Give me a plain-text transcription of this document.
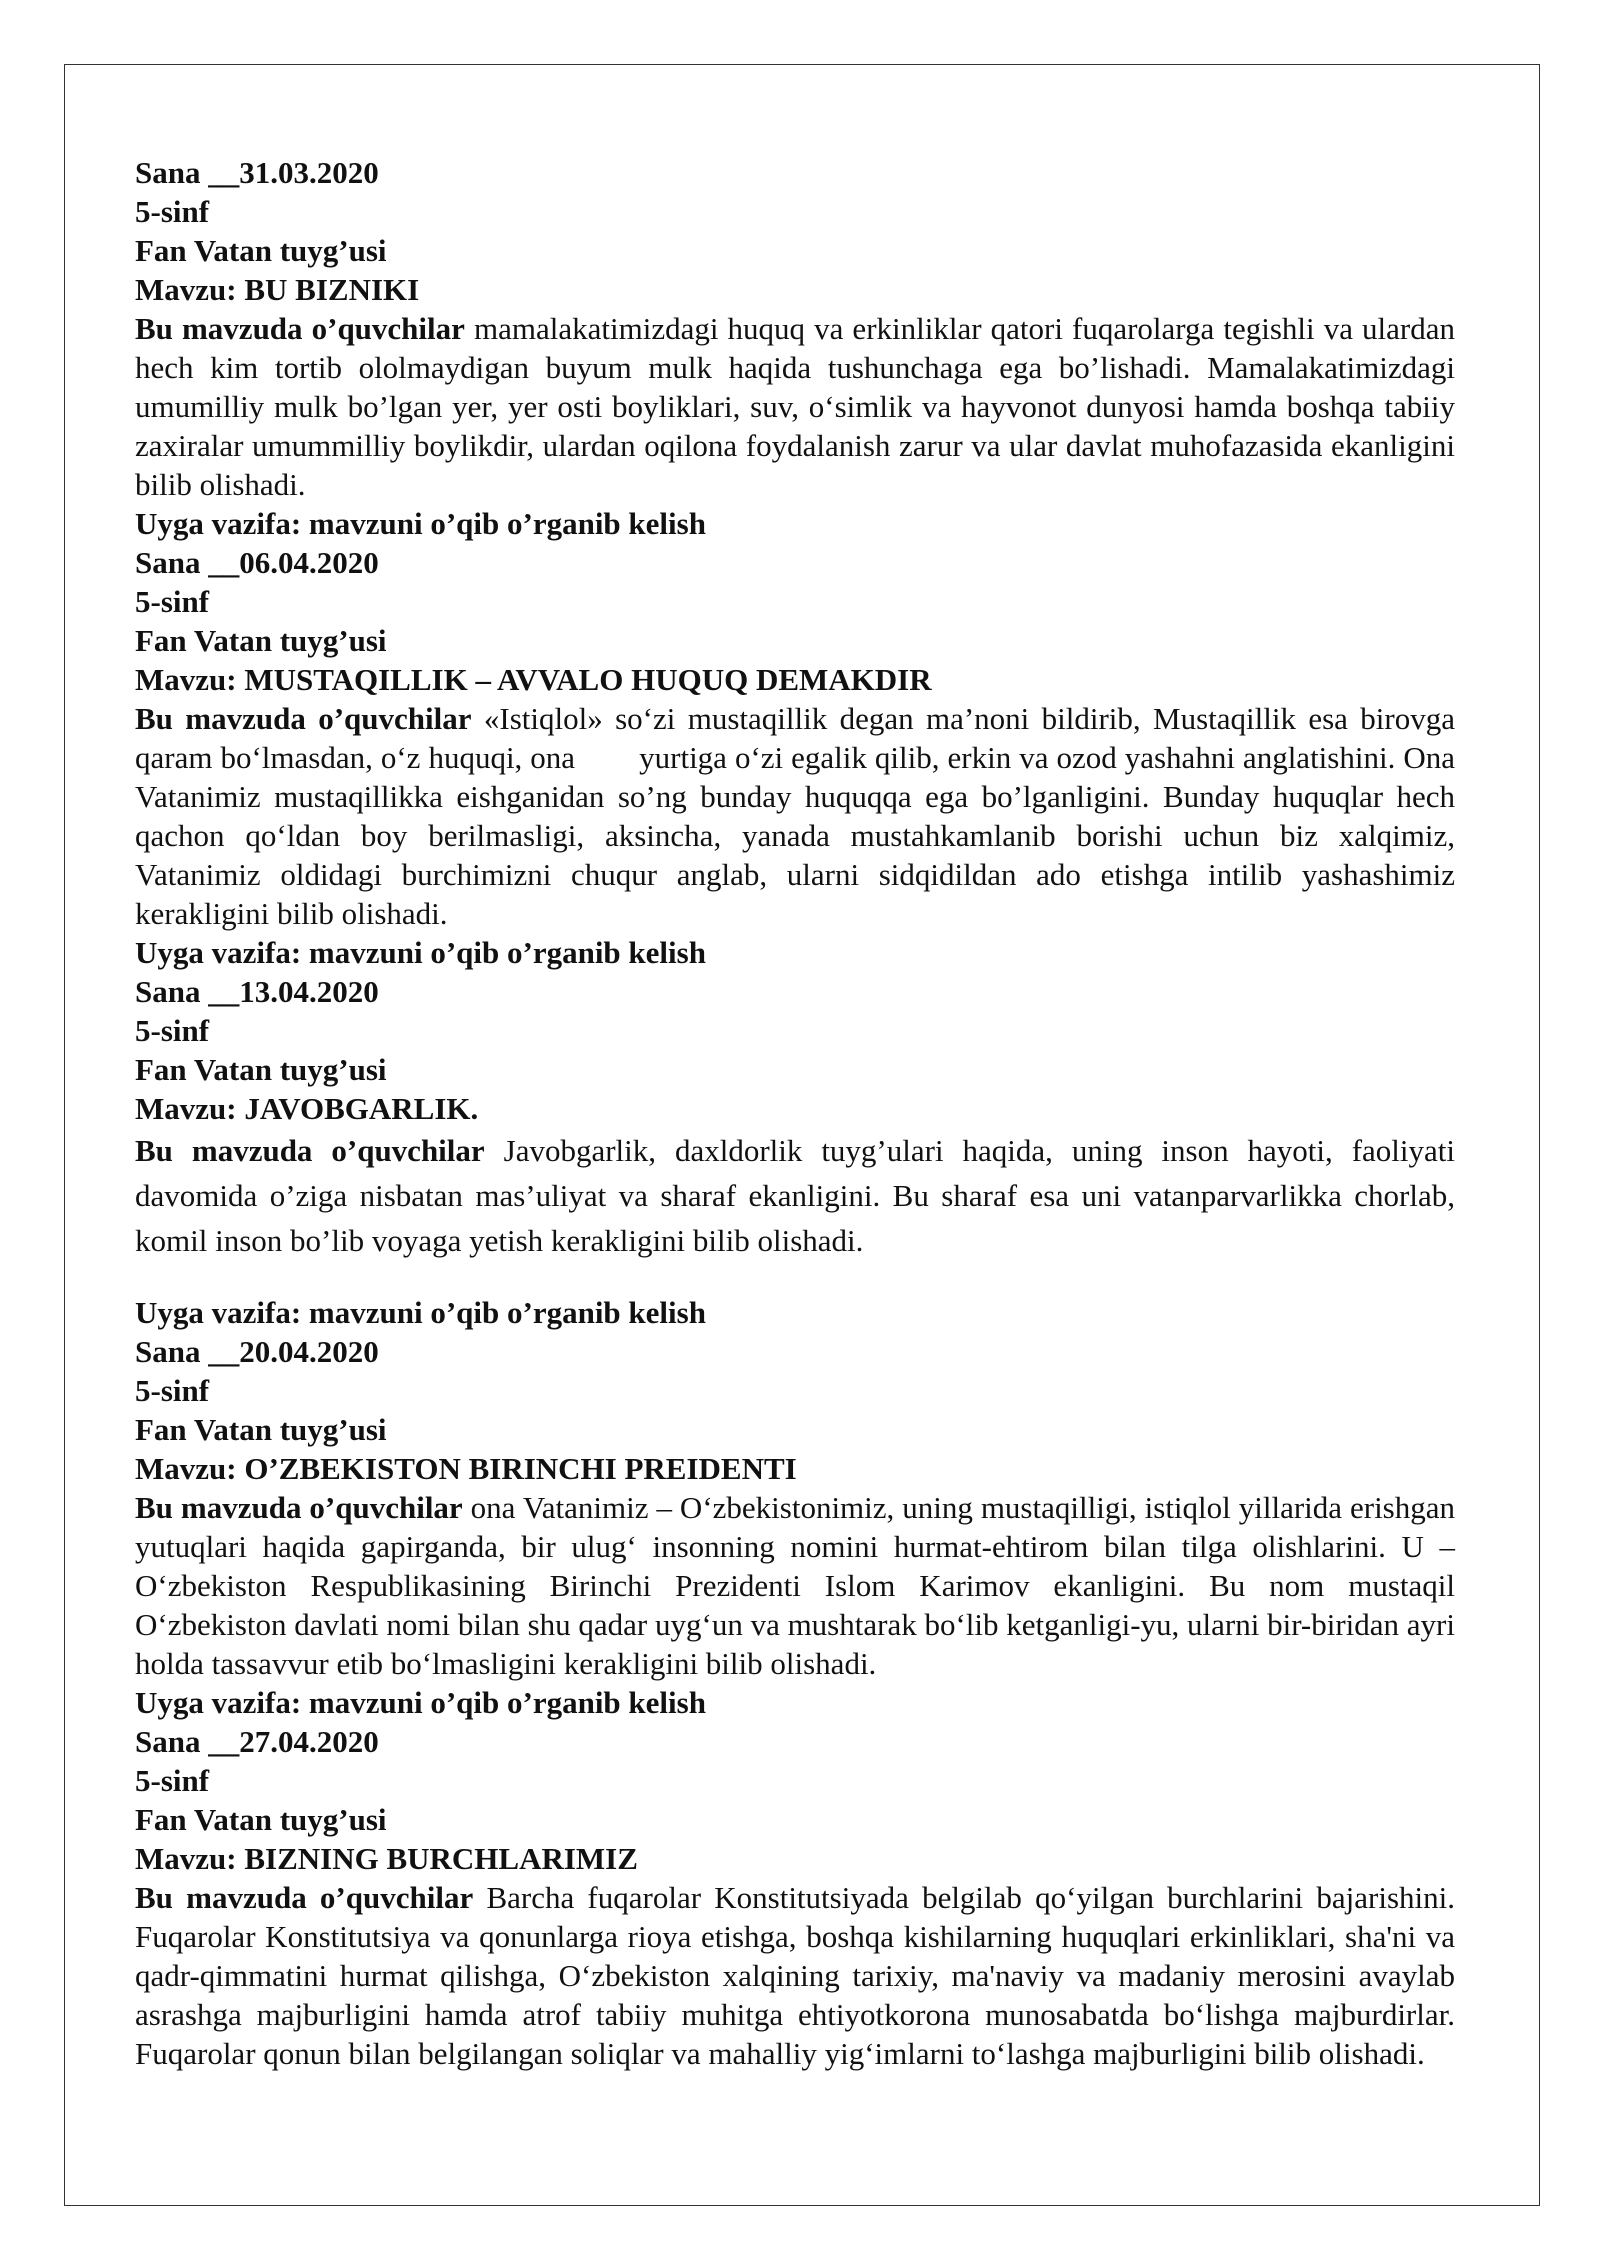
Sana __31.03.2020

5-sinf

Fan Vatan tuyg’usi

Mavzu: BU BIZNIKI

Bu mavzuda o’quvchilar mamalakatimizdagi huquq va erkinliklar qatori fuqarolarga tegishli va ulardan hech kim tortib ololmaydigan buyum mulk haqida tushunchaga ega bo’lishadi. Mamalakatimizdagi umumilliy mulk bo’lgan yer, yer osti boyliklari, suv, o‘simlik va hayvonot dunyosi hamda boshqa tabiiy zaxiralar umummilliy boylikdir, ulardan oqilona foydalanish zarur va ular davlat muhofazasida ekanligini bilib olishadi.

Uyga vazifa: mavzuni o’qib o’rganib kelish

Sana __06.04.2020

5-sinf

Fan Vatan tuyg’usi

Mavzu: MUSTAQILLIK – AVVALO HUQUQ DEMAKDIR

Bu mavzuda o’quvchilar «Istiqlol» so‘zi mustaqillik degan ma’noni bildirib, Mustaqillik esa birovga qaram bo‘lmasdan, o‘z huquqi, ona        yurtiga o‘zi egalik qilib, erkin va ozod yashahni anglatishini. Ona Vatanimiz mustaqillikka eishganidan so’ng bunday huquqqa ega bo’lganligini. Bunday huquqlar hech qachon qo‘ldan boy berilmasligi, aksincha, yanada mustahkamlanib borishi uchun biz xalqimiz, Vatanimiz oldidagi burchimizni chuqur anglab, ularni sidqidildan ado etishga intilib yashashimiz kerakligini bilib olishadi.

Uyga vazifa: mavzuni o’qib o’rganib kelish

Sana __13.04.2020

5-sinf

Fan Vatan tuyg’usi

Mavzu: JAVOBGARLIK.

Bu mavzuda o’quvchilar Javobgarlik, daxldorlik tuyg’ulari haqida, uning inson hayoti, faoliyati davomida o’ziga nisbatan mas’uliyat va sharaf ekanligini. Bu sharaf esa uni vatanparvarlikka chorlab, komil inson bo’lib voyaga yetish kerakligini bilib olishadi.

Uyga vazifa: mavzuni o’qib o’rganib kelish

Sana __20.04.2020

5-sinf

Fan Vatan tuyg’usi

Mavzu: O’ZBEKISTON BIRINCHI PREIDENTI

Bu mavzuda o’quvchilar ona Vatanimiz – O‘zbekistonimiz, uning mustaqilligi, istiqlol yillarida erishgan yutuqlari haqida gapirganda, bir ulug‘ insonning nomini hurmat-ehtirom bilan tilga olishlarini. U – O‘zbekiston Respublikasining Birinchi Prezidenti Islom Karimov ekanligini. Bu nom mustaqil O‘zbekiston davlati nomi bilan shu qadar uyg‘un va mushtarak bo‘lib ketganligi-yu, ularni bir-biridan ayri holda tassavvur etib bo‘lmasligini kerakligini bilib olishadi.

Uyga vazifa: mavzuni o’qib o’rganib kelish

Sana __27.04.2020

5-sinf

Fan Vatan tuyg’usi

Mavzu: BIZNING BURCHLARIMIZ

Bu mavzuda o’quvchilar Barcha fuqarolar Konstitutsiyada belgilab qo‘yilgan burchlarini bajarishini. Fuqarolar Konstitutsiya va qonunlarga rioya etishga, boshqa kishilarning huquqlari erkinliklari, sha'ni va qadr-qimmatini hurmat qilishga, O‘zbekiston xalqining tarixiy, ma'naviy va madaniy merosini avaylab asrashga majburligini hamda atrof tabiiy muhitga ehtiyotkorona munosabatda bo‘lishga majburdirlar. Fuqarolar qonun bilan belgilangan soliqlar va mahalliy yig‘imlarni to‘lashga majburligini bilib olishadi.
